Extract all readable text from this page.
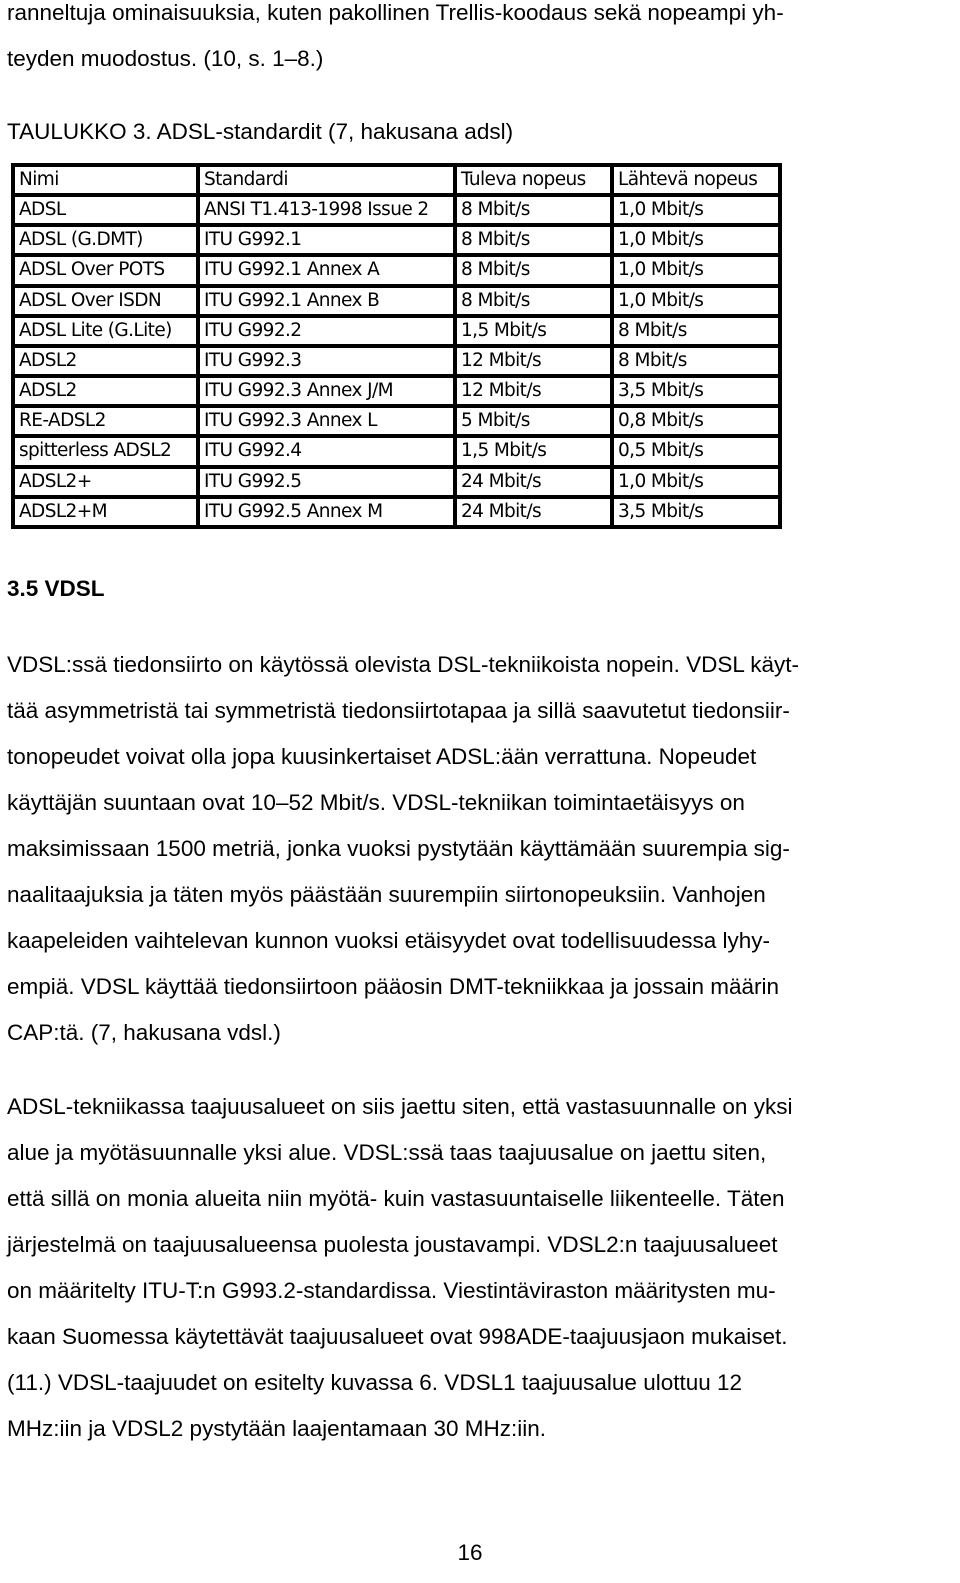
ranneltuja ominaisuuksia, kuten pakollinen Trellis-koodaus sekä nopeampi yh-
teyden muodostus. (10, s. 1–8.)
TAULUKKO 3. ADSL-standardit (7, hakusana adsl)
Nimi	Standardi	Tuleva nopeus	Lähtevä nopeus
ADSL	ANSI T1.413-1998 Issue 2	8 Mbit/s	1,0 Mbit/s
ADSL (G.DMT)	ITU G992.1	8 Mbit/s	1,0 Mbit/s
ADSL Over POTS	ITU G992.1 Annex A	8 Mbit/s	1,0 Mbit/s
ADSL Over ISDN	ITU G992.1 Annex B	8 Mbit/s	1,0 Mbit/s
ADSL Lite (G.Lite)	ITU G992.2	1,5 Mbit/s	8 Mbit/s
ADSL2	ITU G992.3	12 Mbit/s	8 Mbit/s
ADSL2	ITU G992.3 Annex J/M	12 Mbit/s	3,5 Mbit/s
RE-ADSL2	ITU G992.3 Annex L	5 Mbit/s	0,8 Mbit/s
spitterless ADSL2	ITU G992.4	1,5 Mbit/s	0,5 Mbit/s
ADSL2+	ITU G992.5	24 Mbit/s	1,0 Mbit/s
ADSL2+M	ITU G992.5 Annex M	24 Mbit/s	3,5 Mbit/s
3.5 VDSL
VDSL:ssä tiedonsiirto on käytössä olevista DSL-tekniikoista nopein. VDSL käyt-
tää asymmetristä tai symmetristä tiedonsiirtotapaa ja sillä saavutetut tiedonsiir-
tonopeudet voivat olla jopa kuusinkertaiset ADSL:ään verrattuna. Nopeudet
käyttäjän suuntaan ovat 10–52 Mbit/s. VDSL-tekniikan toimintaetäisyys on
maksimissaan 1500 metriä, jonka vuoksi pystytään käyttämään suurempia sig-
naalitaajuksia ja täten myös päästään suurempiin siirtonopeuksiin. Vanhojen
kaapeleiden vaihtelevan kunnon vuoksi etäisyydet ovat todellisuudessa lyhy-
empiä. VDSL käyttää tiedonsiirtoon pääosin DMT-tekniikkaa ja jossain määrin
CAP:tä. (7, hakusana vdsl.)
ADSL-tekniikassa taajuusalueet on siis jaettu siten, että vastasuunnalle on yksi
alue ja myötäsuunnalle yksi alue. VDSL:ssä taas taajuusalue on jaettu siten,
että sillä on monia alueita niin myötä- kuin vastasuuntaiselle liikenteelle. Täten
järjestelmä on taajuusalueensa puolesta joustavampi. VDSL2:n taajuusalueet
on määritelty ITU-T:n G993.2-standardissa. Viestintäviraston määritysten mu-
kaan Suomessa käytettävät taajuusalueet ovat 998ADE-taajuusjaon mukaiset.
(11.) VDSL-taajuudet on esitelty kuvassa 6. VDSL1 taajuusalue ulottuu 12
MHz:iin ja VDSL2 pystytään laajentamaan 30 MHz:iin.

16
